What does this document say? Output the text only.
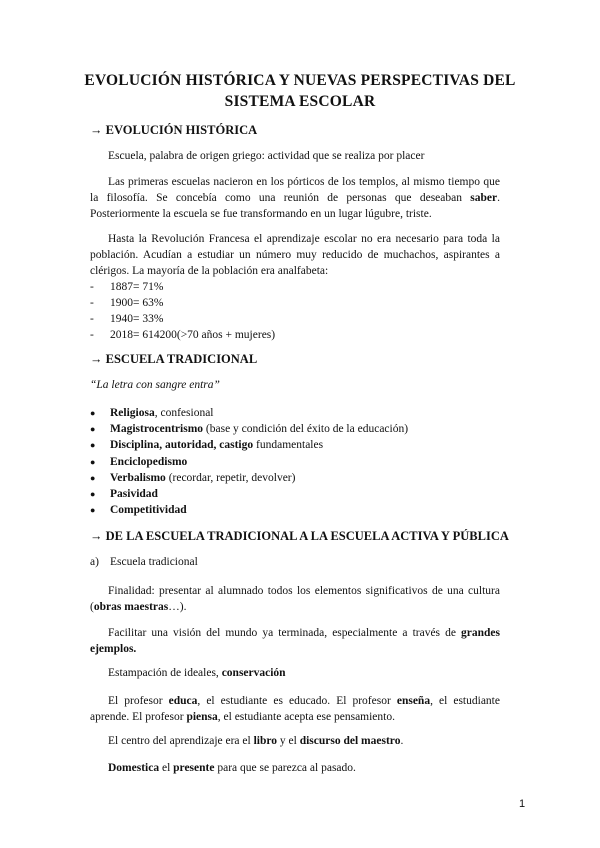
EVOLUCIÓN HISTÓRICA Y NUEVAS PERSPECTIVAS DEL
SISTEMA ESCOLAR
→ EVOLUCIÓN HISTÓRICA
Escuela, palabra de origen griego: actividad que se realiza por placer
Las primeras escuelas nacieron en los pórticos de los templos, al mismo tiempo que la filosofía. Se concebía como una reunión de personas que deseaban saber. Posteriormente la escuela se fue transformando en un lugar lúgubre, triste.
Hasta la Revolución Francesa el aprendizaje escolar no era necesario para toda la población. Acudían a estudiar un número muy reducido de muchachos, aspirantes a clérigos. La mayoría de la población era analfabeta:
-	1887= 71%
-	1900= 63%
-	1940= 33%
-	2018= 614200(>70 años + mujeres)
→ ESCUELA TRADICIONAL
“La letra con sangre entra”
●	Religiosa, confesional
●	Magistrocentrismo (base y condición del éxito de la educación)
●	Disciplina, autoridad, castigo fundamentales
●	Enciclopedismo
●	Verbalismo (recordar, repetir, devolver)
●	Pasividad
●	Competitividad
→ DE LA ESCUELA TRADICIONAL A LA ESCUELA ACTIVA Y PÚBLICA
a) Escuela tradicional
Finalidad: presentar al alumnado todos los elementos significativos de una cultura (obras maestras…).
Facilitar una visión del mundo ya terminada, especialmente a través de grandes ejemplos.
Estampación de ideales, conservación
El profesor educa, el estudiante es educado. El profesor enseña, el estudiante aprende. El profesor piensa, el estudiante acepta ese pensamiento.
El centro del aprendizaje era el libro y el discurso del maestro.
Domestica el presente para que se parezca al pasado.
1
